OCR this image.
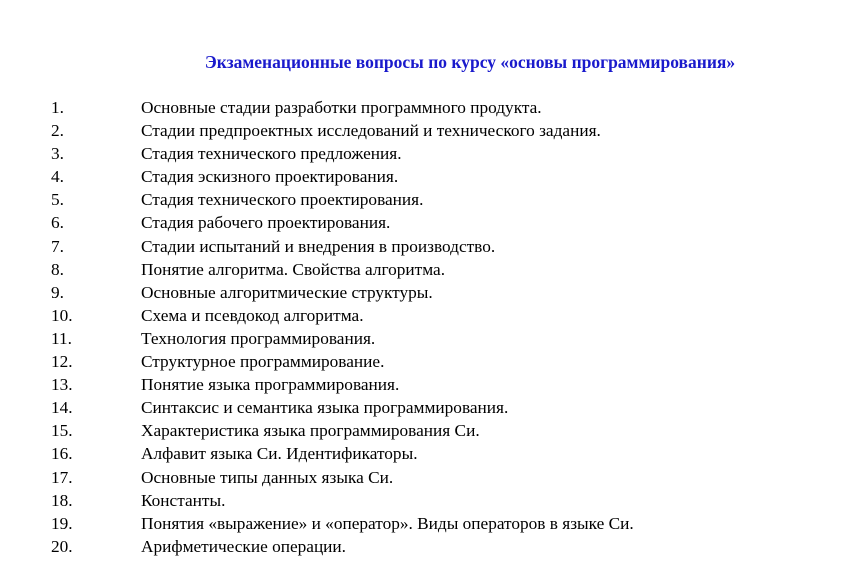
Экзаменационные вопросы по курсу «основы программирования»
1.	Основные стадии разработки программного продукта.
2.	Стадии предпроектных исследований и технического задания.
3.	Стадия технического предложения.
4.	Стадия эскизного проектирования.
5.	Стадия технического проектирования.
6.	Стадия рабочего проектирования.
7.	Стадии испытаний и внедрения в производство.
8.	Понятие алгоритма. Свойства алгоритма.
9.	Основные алгоритмические структуры.
10.	Схема и псевдокод алгоритма.
11.	Технология программирования.
12.	Структурное программирование.
13.	Понятие языка программирования.
14.	Синтаксис и семантика языка программирования.
15.	Характеристика языка программирования Си.
16.	Алфавит языка Си. Идентификаторы.
17.	Основные типы данных языка Си.
18.	Константы.
19.	Понятия «выражение» и «оператор». Виды операторов в языке Си.
20.	Арифметические операции.
